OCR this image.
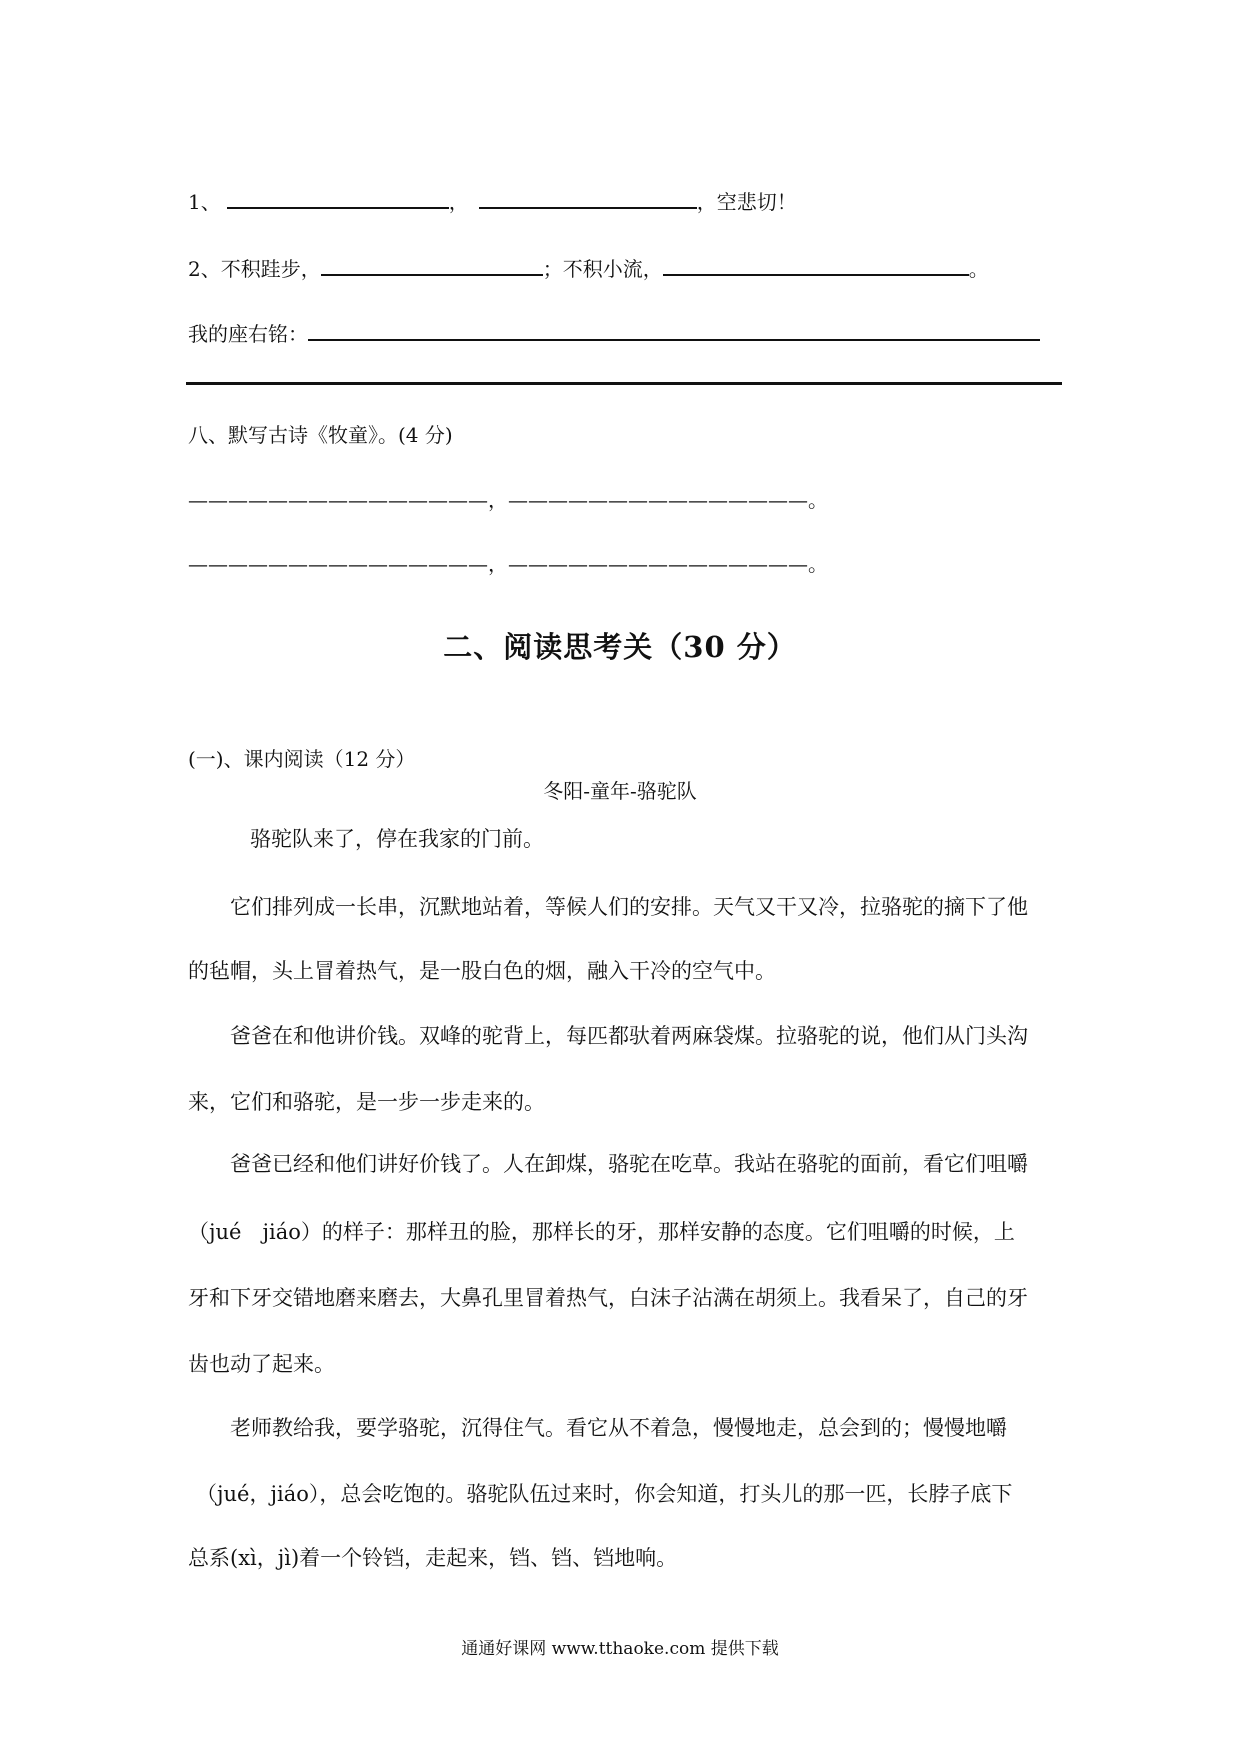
1、	，	，空悲切！
2、不积跬步，	；不积小流，	。
我的座右铭：
八、默写古诗《牧童》。(4 分)
———————————————，———————————————。
———————————————，———————————————。
二、阅读思考关（30 分）
(一)、课内阅读（12 分）
冬阳-童年-骆驼队
骆驼队来了，停在我家的门前。
它们排列成一长串，沉默地站着，等候人们的安排。天气又干又冷，拉骆驼的摘下了他
的毡帽，头上冒着热气，是一股白色的烟，融入干冷的空气中。
爸爸在和他讲价钱。双峰的驼背上，每匹都驮着两麻袋煤。拉骆驼的说，他们从门头沟
来，它们和骆驼，是一步一步走来的。
爸爸已经和他们讲好价钱了。人在卸煤，骆驼在吃草。我站在骆驼的面前，看它们咀嚼
（jué　jiáo）的样子：那样丑的脸，那样长的牙，那样安静的态度。它们咀嚼的时候，上
牙和下牙交错地磨来磨去，大鼻孔里冒着热气，白沫子沾满在胡须上。我看呆了，自己的牙
齿也动了起来。
老师教给我，要学骆驼，沉得住气。看它从不着急，慢慢地走，总会到的；慢慢地嚼
（jué，jiáo），总会吃饱的。骆驼队伍过来时，你会知道，打头儿的那一匹，长脖子底下
总系(xì，jì)着一个铃铛，走起来，铛、铛、铛地响。
通通好课网 www.tthaoke.com 提供下载
